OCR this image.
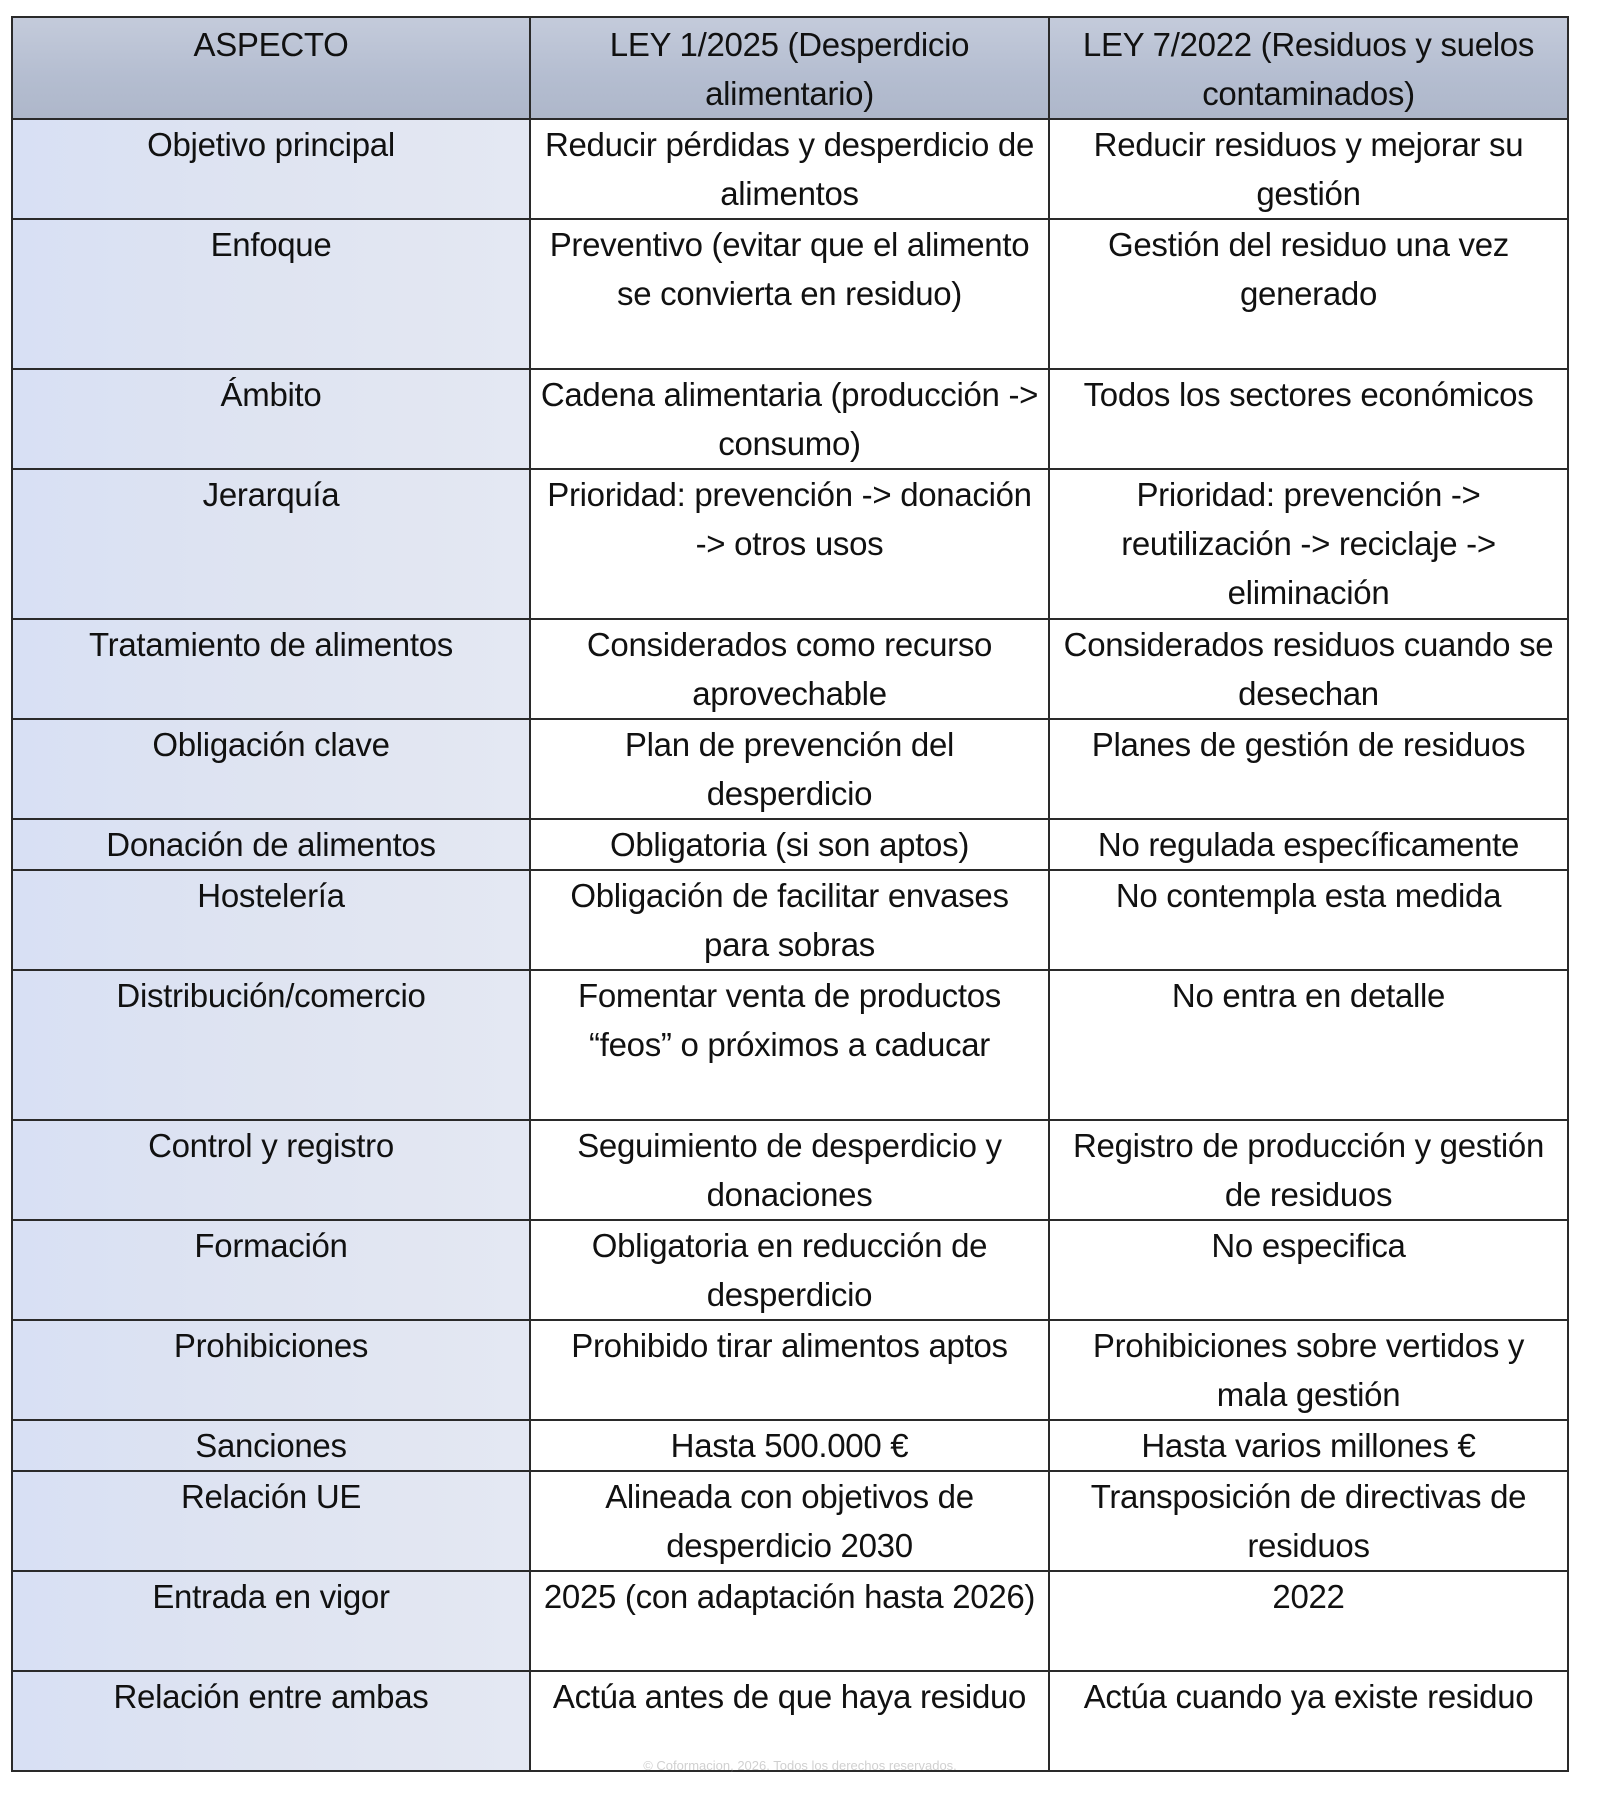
ASPECTO	LEY 1/2025 (Desperdicio alimentario)	LEY 7/2022 (Residuos y suelos contaminados)
Objetivo principal	Reducir pérdidas y desperdicio de alimentos	Reducir residuos y mejorar su gestión
Enfoque	Preventivo (evitar que el alimento se convierta en residuo)	Gestión del residuo una vez generado
Ámbito	Cadena alimentaria (producción -> consumo)	Todos los sectores económicos
Jerarquía	Prioridad: prevención -> donación -> otros usos	Prioridad: prevención -> reutilización -> reciclaje -> eliminación
Tratamiento de alimentos	Considerados como recurso aprovechable	Considerados residuos cuando se desechan
Obligación clave	Plan de prevención del desperdicio	Planes de gestión de residuos
Donación de alimentos	Obligatoria (si son aptos)	No regulada específicamente
Hostelería	Obligación de facilitar envases para sobras	No contempla esta medida
Distribución/comercio	Fomentar venta de productos “feos” o próximos a caducar	No entra en detalle
Control y registro	Seguimiento de desperdicio y donaciones	Registro de producción y gestión de residuos
Formación	Obligatoria en reducción de desperdicio	No especifica
Prohibiciones	Prohibido tirar alimentos aptos	Prohibiciones sobre vertidos y mala gestión
Sanciones	Hasta 500.000 €	Hasta varios millones €
Relación UE	Alineada con objetivos de desperdicio 2030	Transposición de directivas de residuos
Entrada en vigor	2025 (con adaptación hasta 2026)	2022
Relación entre ambas	Actúa antes de que haya residuo	Actúa cuando ya existe residuo
© Coformacion, 2026. Todos los derechos reservados.
